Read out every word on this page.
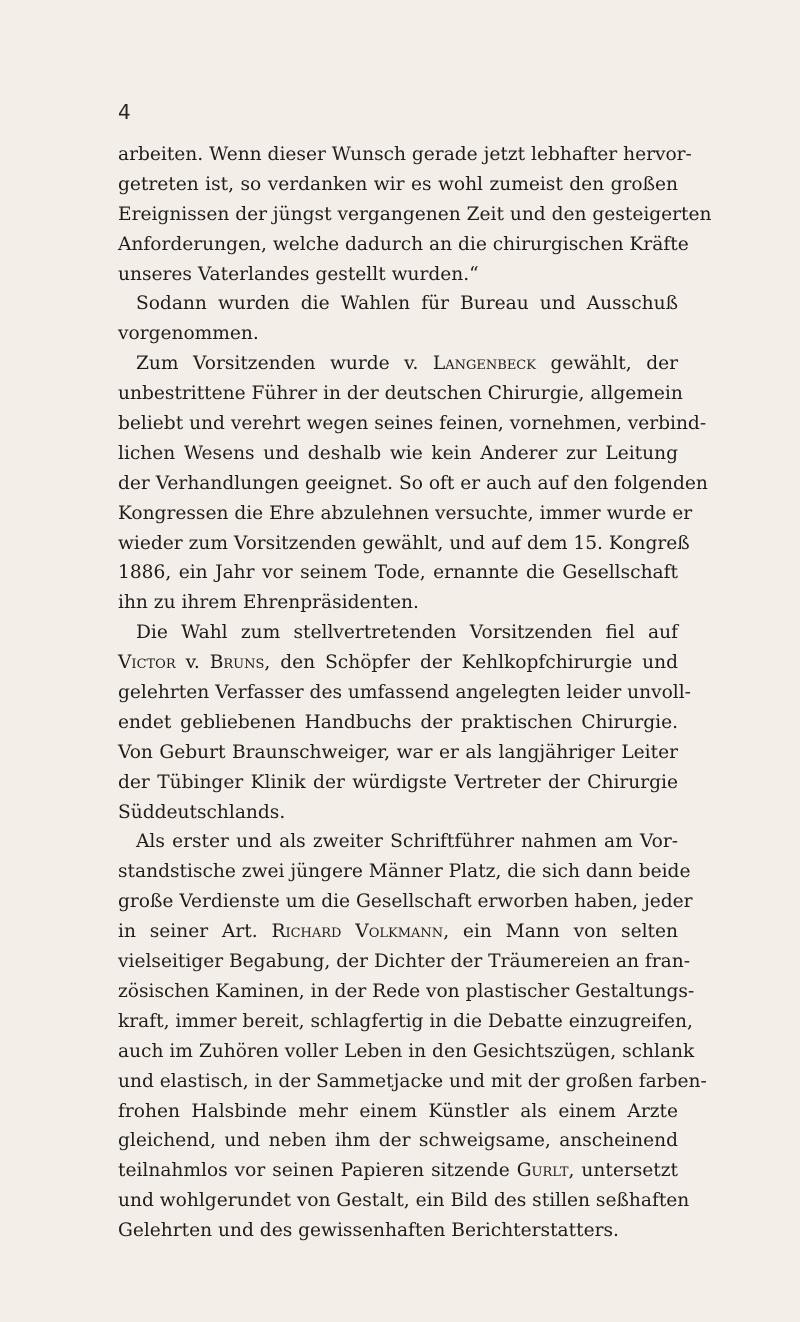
4
arbeiten. Wenn dieser Wunsch gerade jetzt lebhafter hervor-
getreten ist, so verdanken wir es wohl zumeist den großen
Ereignissen der jüngst vergangenen Zeit und den gesteigerten
Anforderungen, welche dadurch an die chirurgischen Kräfte
unseres Vaterlandes gestellt wurden.“
Sodann wurden die Wahlen für Bureau und Ausschuß
vorgenommen.
Zum Vorsitzenden wurde v. Langenbeck gewählt, der
unbestrittene Führer in der deutschen Chirurgie, allgemein
beliebt und verehrt wegen seines feinen, vornehmen, verbind-
lichen Wesens und deshalb wie kein Anderer zur Leitung
der Verhandlungen geeignet. So oft er auch auf den folgenden
Kongressen die Ehre abzulehnen versuchte, immer wurde er
wieder zum Vorsitzenden gewählt, und auf dem 15. Kongreß
1886, ein Jahr vor seinem Tode, ernannte die Gesellschaft
ihn zu ihrem Ehrenpräsidenten.
Die Wahl zum stellvertretenden Vorsitzenden fiel auf
Victor v. Bruns, den Schöpfer der Kehlkopfchirurgie und
gelehrten Verfasser des umfassend angelegten leider unvoll-
endet gebliebenen Handbuchs der praktischen Chirurgie.
Von Geburt Braunschweiger, war er als langjähriger Leiter
der Tübinger Klinik der würdigste Vertreter der Chirurgie
Süddeutschlands.
Als erster und als zweiter Schriftführer nahmen am Vor-
standstische zwei jüngere Männer Platz, die sich dann beide
große Verdienste um die Gesellschaft erworben haben, jeder
in seiner Art. Richard Volkmann, ein Mann von selten
vielseitiger Begabung, der Dichter der Träumereien an fran-
zösischen Kaminen, in der Rede von plastischer Gestaltungs-
kraft, immer bereit, schlagfertig in die Debatte einzugreifen,
auch im Zuhören voller Leben in den Gesichtszügen, schlank
und elastisch, in der Sammetjacke und mit der großen farben-
frohen Halsbinde mehr einem Künstler als einem Arzte
gleichend, und neben ihm der schweigsame, anscheinend
teilnahmlos vor seinen Papieren sitzende Gurlt, untersetzt
und wohlgerundet von Gestalt, ein Bild des stillen seßhaften
Gelehrten und des gewissenhaften Berichterstatters.
